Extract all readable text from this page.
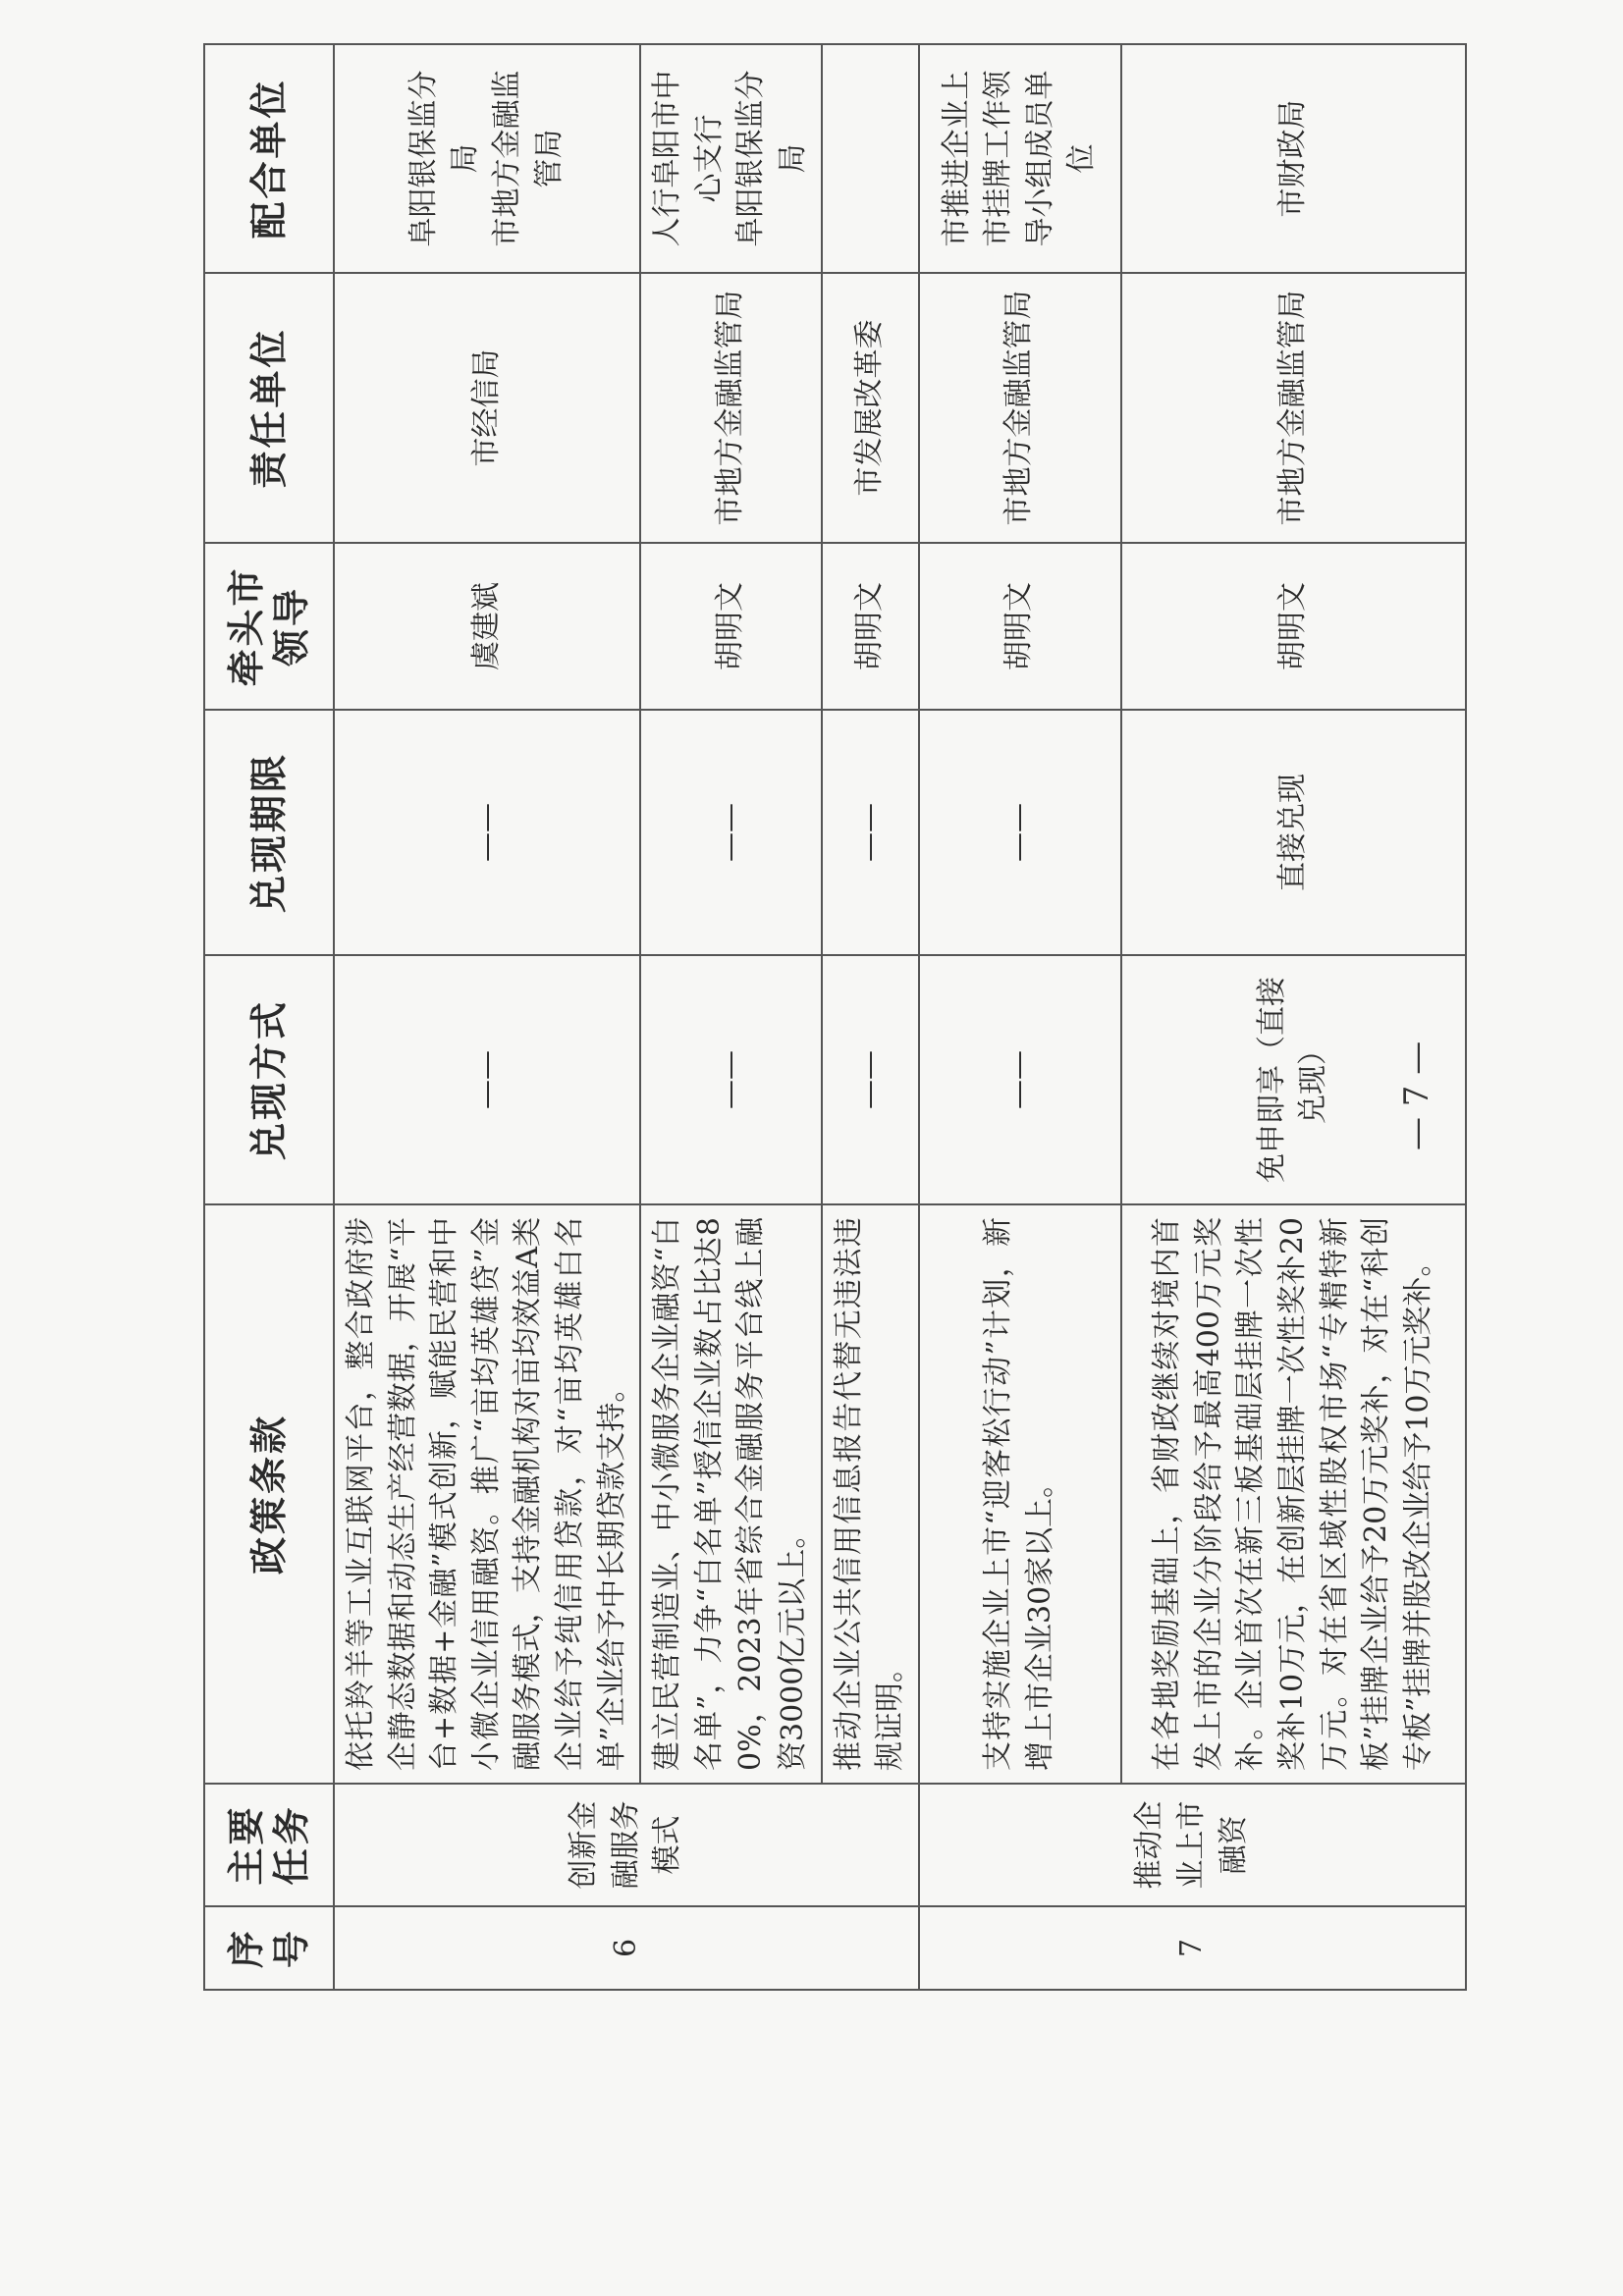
序号	主要任务	政策条款	兑现方式	兑现期限	牵头市领导	责任单位	配合单位
6	创新金融服务模式	依托羚羊等工业互联网平台，整合政府涉企静态数据和动态生产经营数据，开展“平台+数据+金融”模式创新，赋能民营和中小微企业信用融资。推广“亩均英雄贷”金融服务模式，支持金融机构对亩均效益A类企业给予纯信用贷款，对“亩均英雄白名单”企业给予中长期贷款支持。	——	——	虞建斌	市经信局	阜阳银保监分局
市地方金融监管局
		建立民营制造业、中小微服务企业融资“白名单”，力争“白名单”授信企业数占比达80%，2023年省综合金融服务平台线上融资3000亿元以上。	——	——	胡明文	市地方金融监管局	人行阜阳市中心支行
阜阳银保监分局
		推动企业公共信用信息报告代替无违法违规证明。	——	——	胡明文	市发展改革委	
7	推动企业上市融资	支持实施企业上市“迎客松行动”计划，新增上市企业30家以上。	——	——	胡明文	市地方金融监管局	市推进企业上市挂牌工作领导小组成员单位
		在各地奖励基础上，省财政继续对境内首发上市的企业分阶段给予最高400万元奖补。企业首次在新三板基础层挂牌一次性奖补10万元，在创新层挂牌一次性奖补20万元。对在省区域性股权市场“专精特新板”挂牌企业给予20万元奖补，对在“科创专板”挂牌并股改企业给予10万元奖补。	免申即享（直接兑现）	直接兑现	胡明文	市地方金融监管局	市财政局
— 7 —
